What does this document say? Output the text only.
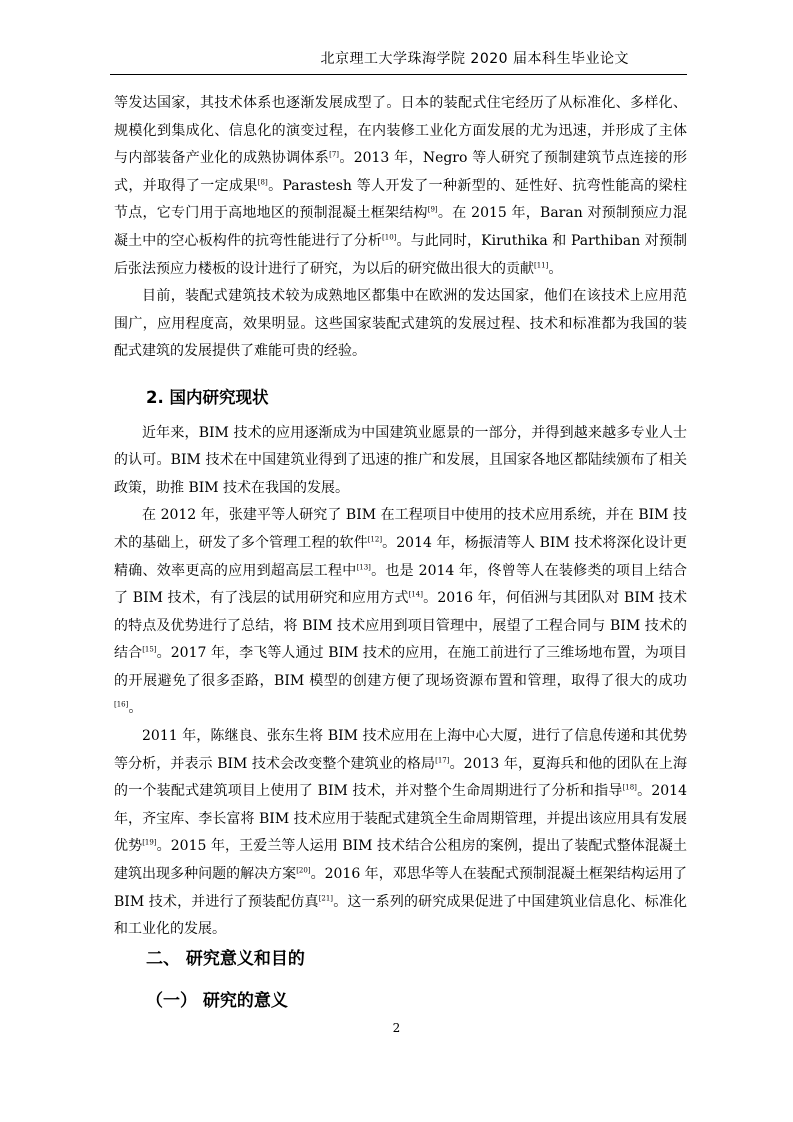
北京理工大学珠海学院 2020 届本科生毕业论文

等发达国家，其技术体系也逐渐发展成型了。日本的装配式住宅经历了从标准化、多样化、规模化到集成化、信息化的演变过程，在内装修工业化方面发展的尤为迅速，并形成了主体与内部装备产业化的成熟协调体系[7]。2013 年，Negro 等人研究了预制建筑节点连接的形式，并取得了一定成果[8]。Parastesh 等人开发了一种新型的、延性好、抗弯性能高的梁柱节点，它专门用于高地地区的预制混凝土框架结构[9]。在 2015 年，Baran 对预制预应力混凝土中的空心板构件的抗弯性能进行了分析[10]。与此同时，Kiruthika 和 Parthiban 对预制后张法预应力楼板的设计进行了研究，为以后的研究做出很大的贡献[11]。

目前，装配式建筑技术较为成熟地区都集中在欧洲的发达国家，他们在该技术上应用范围广，应用程度高，效果明显。这些国家装配式建筑的发展过程、技术和标准都为我国的装配式建筑的发展提供了难能可贵的经验。

2. 国内研究现状

近年来，BIM 技术的应用逐渐成为中国建筑业愿景的一部分，并得到越来越多专业人士的认可。BIM 技术在中国建筑业得到了迅速的推广和发展，且国家各地区都陆续颁布了相关政策，助推 BIM 技术在我国的发展。

在 2012 年，张建平等人研究了 BIM 在工程项目中使用的技术应用系统，并在 BIM 技术的基础上，研发了多个管理工程的软件[12]。2014 年，杨振清等人 BIM 技术将深化设计更精确、效率更高的应用到超高层工程中[13]。也是 2014 年，佟曾等人在装修类的项目上结合了 BIM 技术，有了浅层的试用研究和应用方式[14]。2016 年，何佰洲与其团队对 BIM 技术的特点及优势进行了总结，将 BIM 技术应用到项目管理中，展望了工程合同与 BIM 技术的结合[15]。2017 年，李飞等人通过 BIM 技术的应用，在施工前进行了三维场地布置，为项目的开展避免了很多歪路，BIM 模型的创建方便了现场资源布置和管理，取得了很大的成功[16]。

2011 年，陈继良、张东生将 BIM 技术应用在上海中心大厦，进行了信息传递和其优势等分析，并表示 BIM 技术会改变整个建筑业的格局[17]。2013 年，夏海兵和他的团队在上海的一个装配式建筑项目上使用了 BIM 技术，并对整个生命周期进行了分析和指导[18]。2014 年，齐宝库、李长富将 BIM 技术应用于装配式建筑全生命周期管理，并提出该应用具有发展优势[19]。2015 年，王爱兰等人运用 BIM 技术结合公租房的案例，提出了装配式整体混凝土建筑出现多种问题的解决方案[20]。2016 年，邓思华等人在装配式预制混凝土框架结构运用了 BIM 技术，并进行了预装配仿真[21]。这一系列的研究成果促进了中国建筑业信息化、标准化和工业化的发展。

二、 研究意义和目的
（一） 研究的意义
2
